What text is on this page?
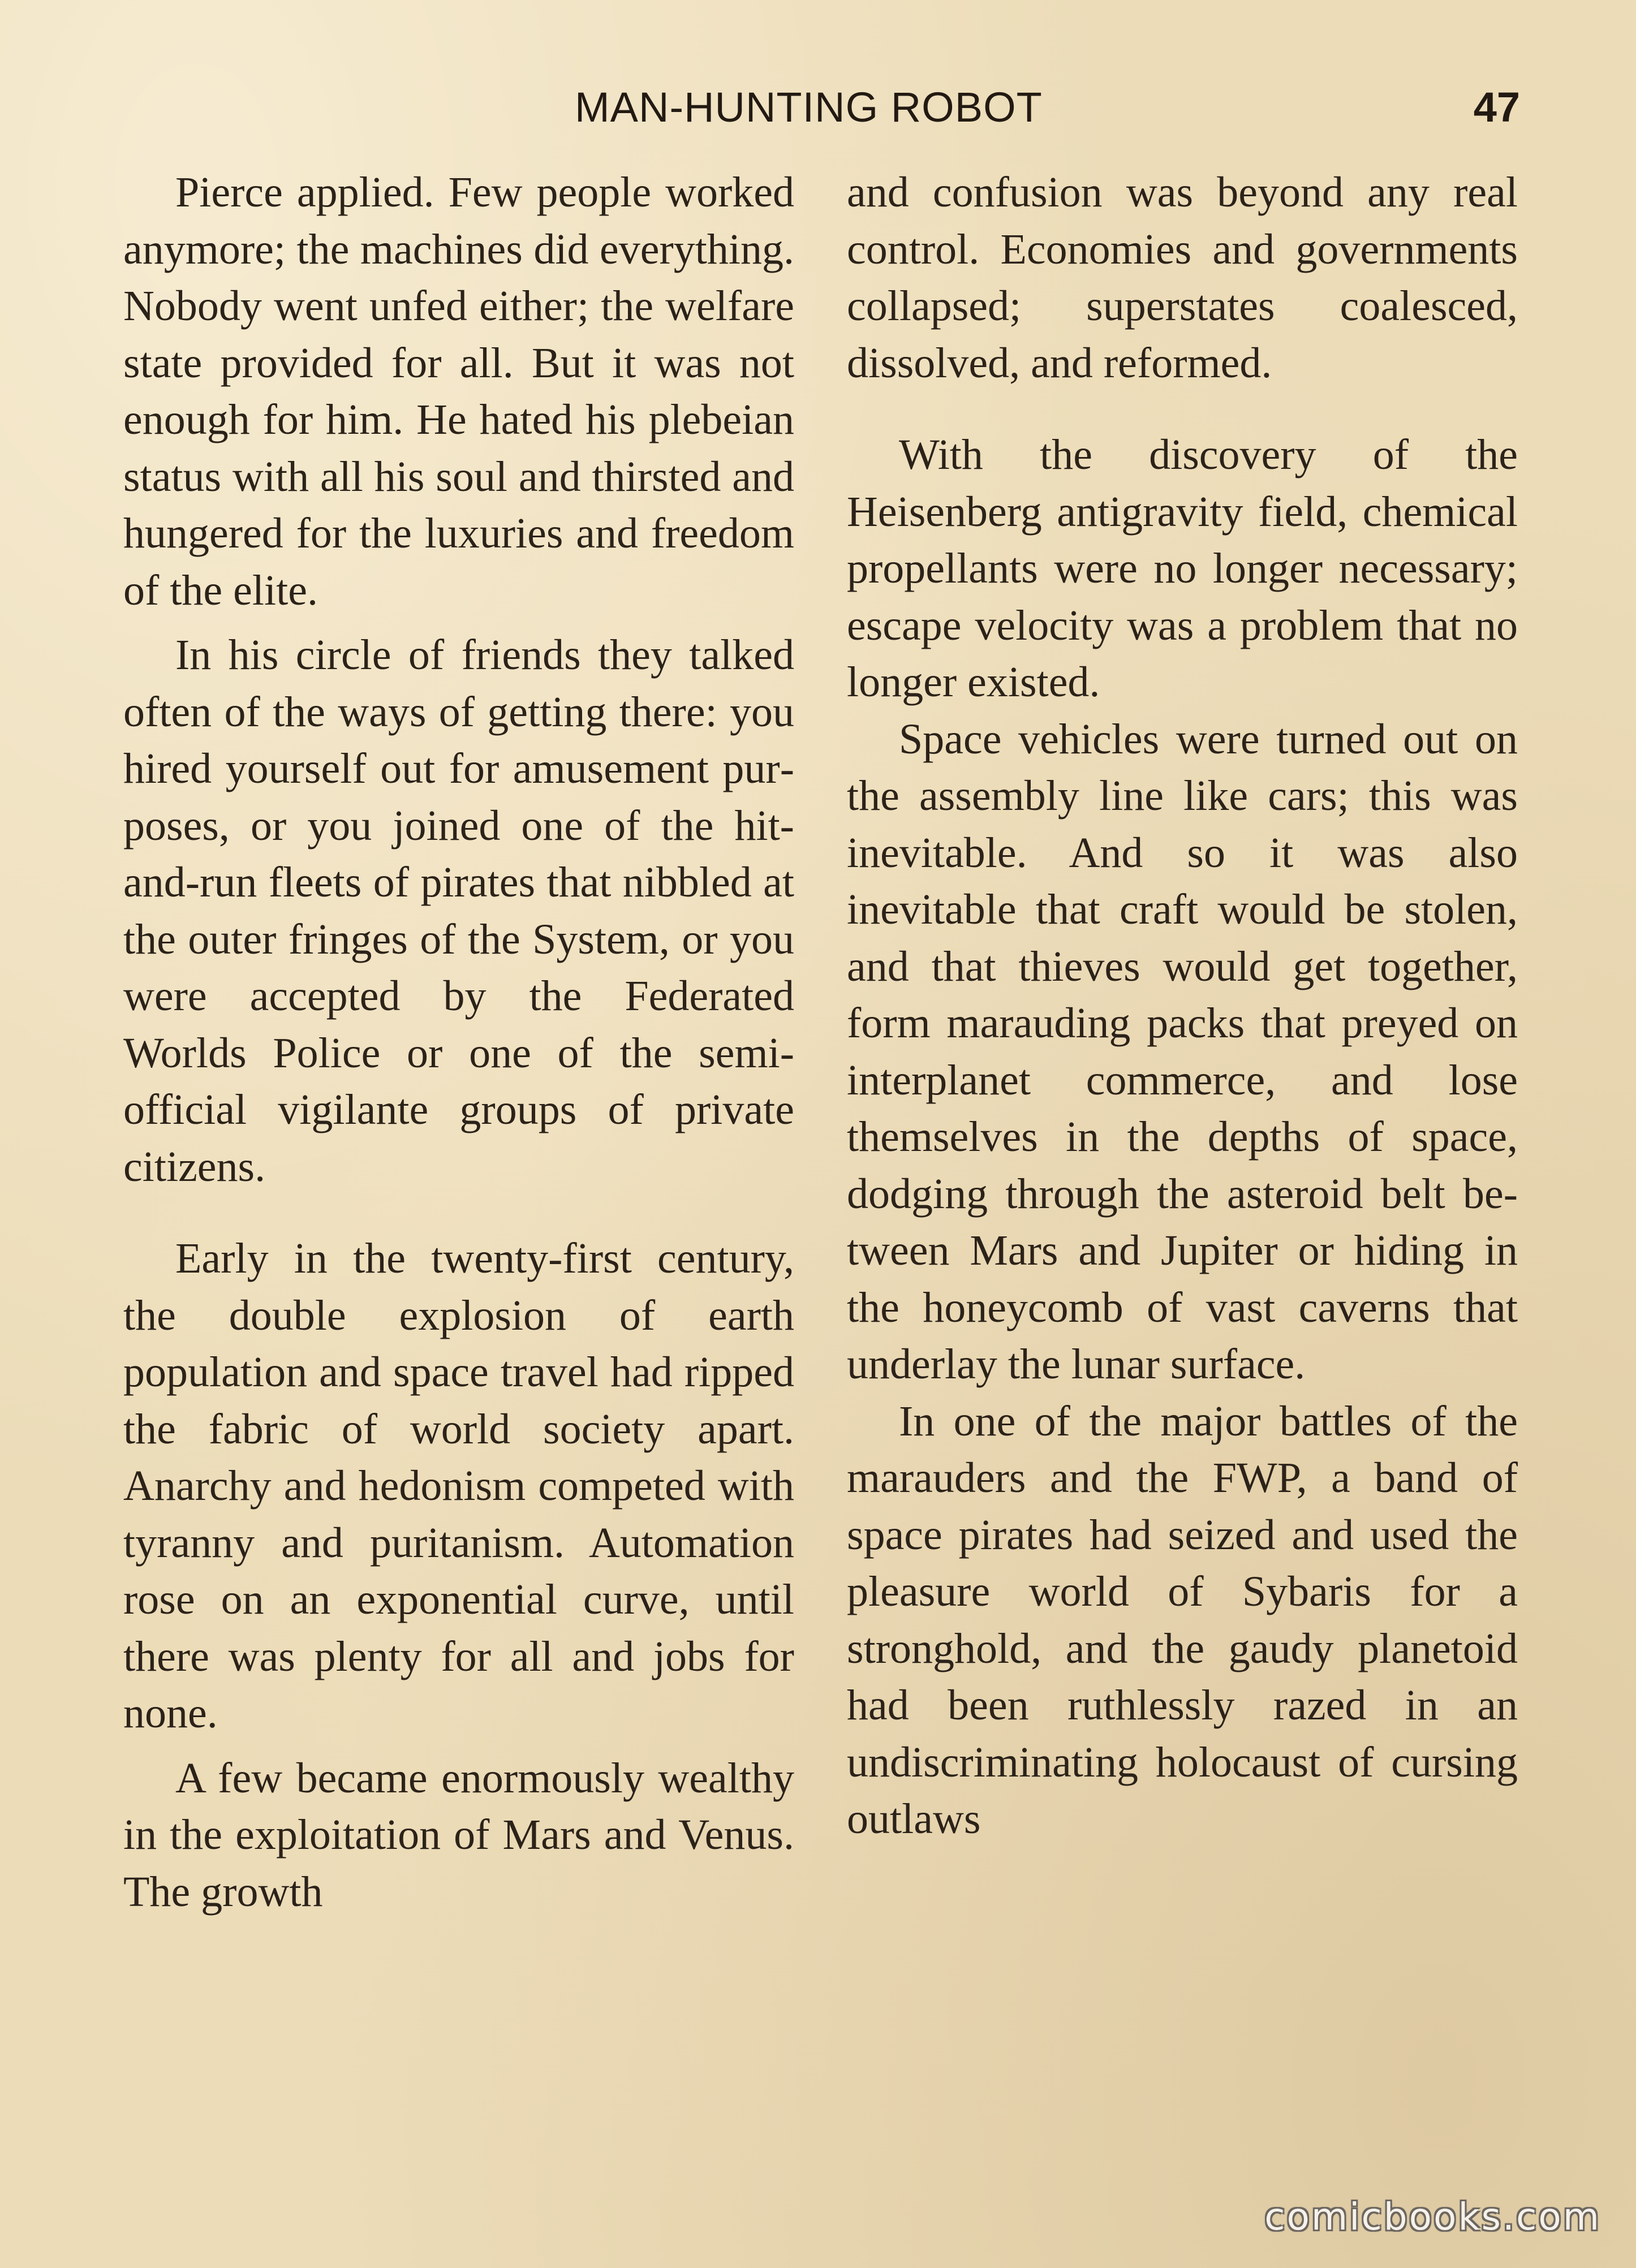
MAN-HUNTING ROBOT	47

Pierce applied. Few people worked anymore; the machines did everything. Nobody went unfed either; the welfare state provided for all. But it was not enough for him. He hated his plebeian status with all his soul and thirsted and hungered for the luxuries and freedom of the elite.

In his circle of friends they talked often of the ways of getting there: you hired yourself out for amusement purposes, or you joined one of the hit-and-run fleets of pirates that nibbled at the outer fringes of the System, or you were accepted by the Federated Worlds Police or one of the semi-official vigilante groups of private citizens.

Early in the twenty-first century, the double explosion of earth population and space travel had ripped the fabric of world society apart. Anarchy and hedonism competed with tyranny and puritanism. Automation rose on an exponential curve, until there was plenty for all and jobs for none.

A few became enormously wealthy in the exploitation of Mars and Venus. The growth

and confusion was beyond any real control. Economies and governments collapsed; superstates coalesced, dissolved, and reformed.

With the discovery of the Heisenberg antigravity field, chemical propellants were no longer necessary; escape velocity was a problem that no longer existed.

Space vehicles were turned out on the assembly line like cars; this was inevitable. And so it was also inevitable that craft would be stolen, and that thieves would get together, form marauding packs that preyed on interplanet commerce, and lose themselves in the depths of space, dodging through the asteroid belt between Mars and Jupiter or hiding in the honeycomb of vast caverns that underlay the lunar surface.

In one of the major battles of the marauders and the FWP, a band of space pirates had seized and used the pleasure world of Sybaris for a stronghold, and the gaudy planetoid had been ruthlessly razed in an undiscriminating holocaust of cursing outlaws

comicbooks.com
